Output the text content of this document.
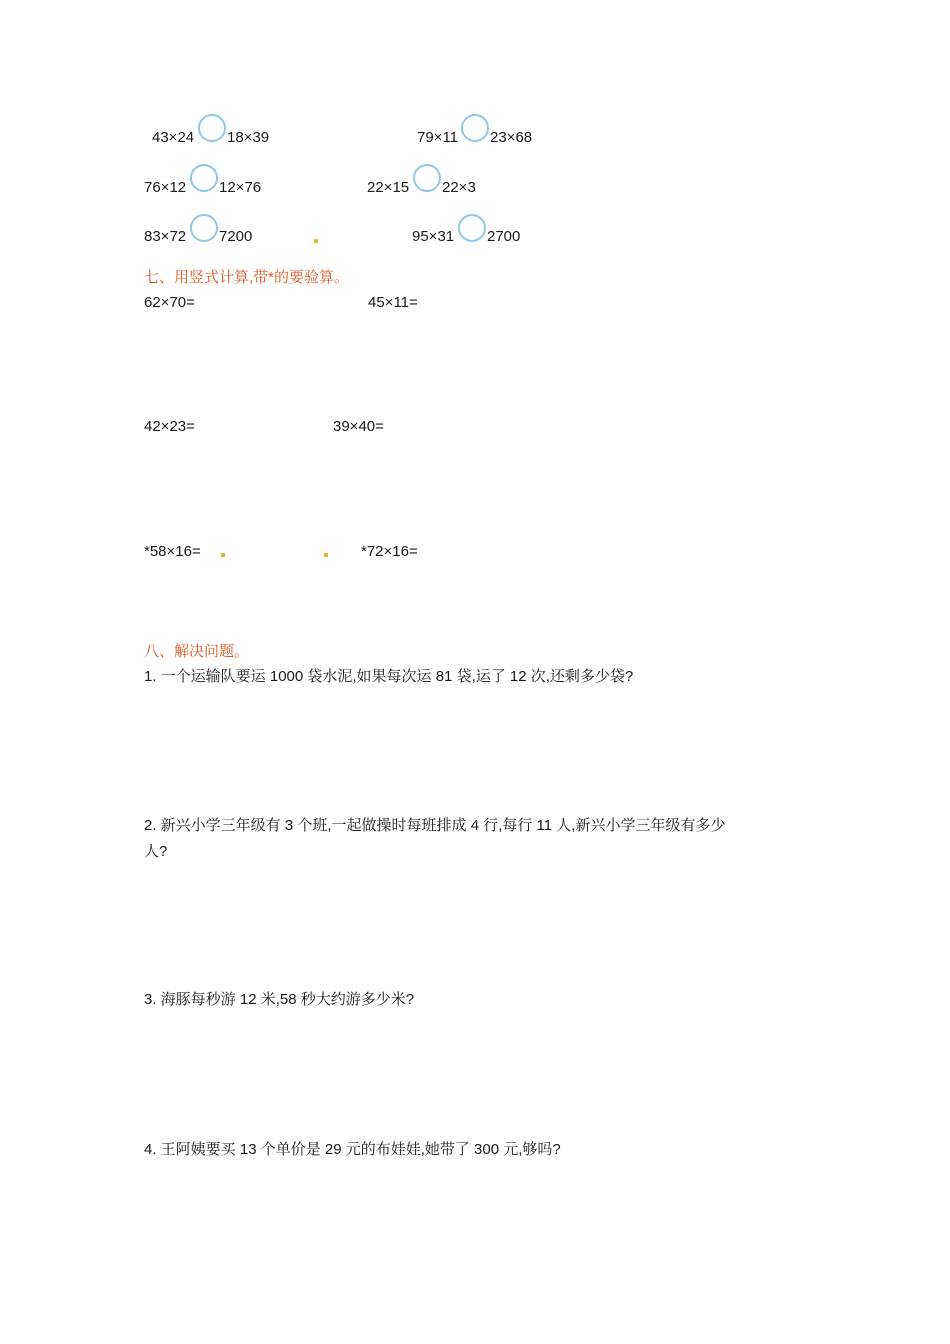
43×24 18×39	79×11 23×68
76×12 12×76	22×15 22×3
83×72 7200	95×31 2700
七、用竖式计算,带*的要验算。
62×70=	45×11=
42×23=	39×40=
*58×16=	*72×16=
八、解决问题。
1. 一个运输队要运 1000 袋水泥,如果每次运 81 袋,运了 12 次,还剩多少袋?
2. 新兴小学三年级有 3 个班,一起做操时每班排成 4 行,每行 11 人,新兴小学三年级有多少
人?
3. 海豚每秒游 12 米,58 秒大约游多少米?
4. 王阿姨要买 13 个单价是 29 元的布娃娃,她带了 300 元,够吗?
